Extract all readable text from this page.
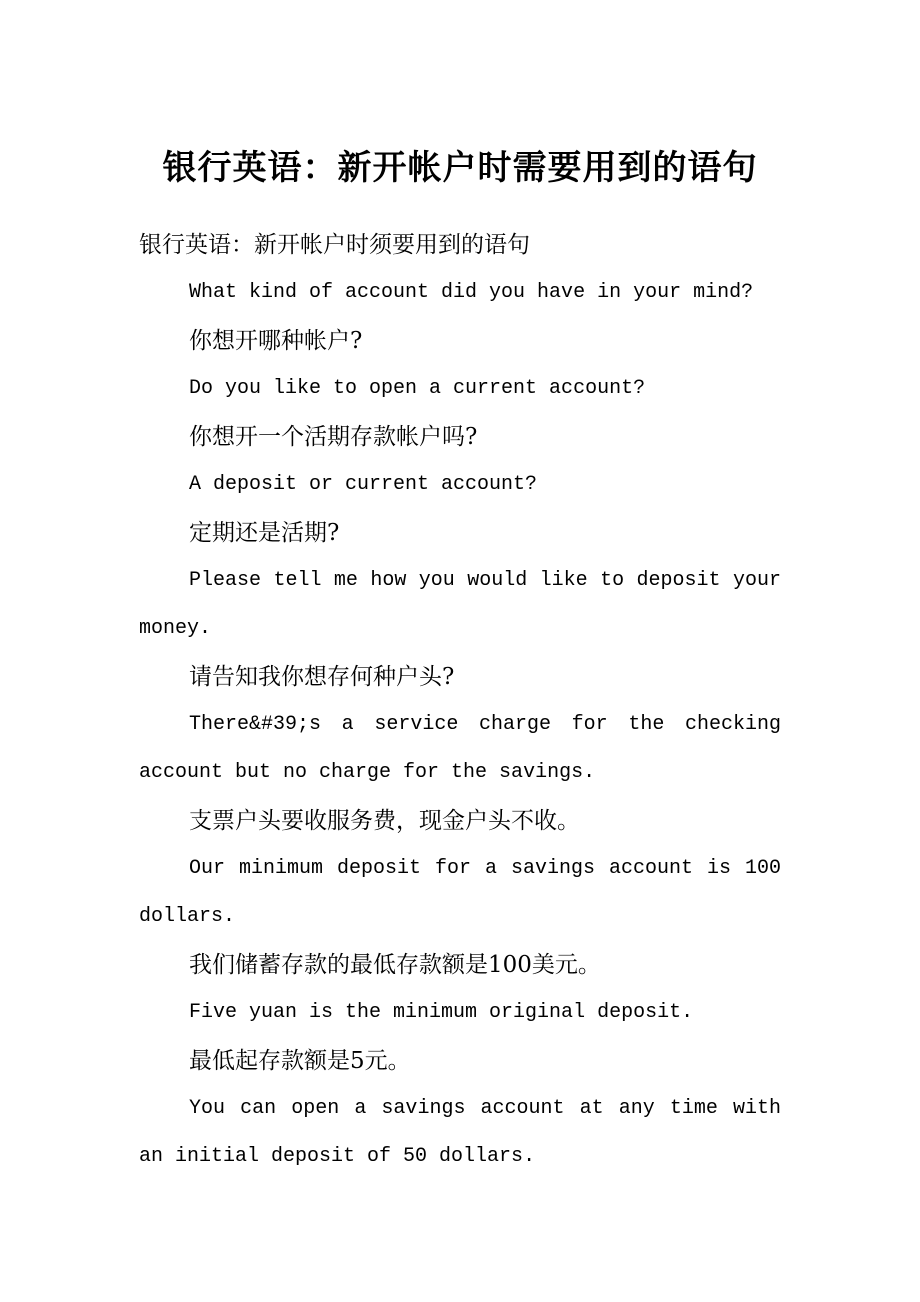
银行英语：新开帐户时需要用到的语句

银行英语：新开帐户时须要用到的语句

What kind of account did you have in your mind?

你想开哪种帐户?

Do you like to open a current account?

你想开一个活期存款帐户吗?

A deposit or current account?

定期还是活期?

Please tell me how you would like to deposit your money.

请告知我你想存何种户头?

There&#39;s a service charge for the checking account but no charge for the savings.

支票户头要收服务费，现金户头不收。

Our minimum deposit for a savings account is 100 dollars.

我们储蓄存款的最低存款额是100美元。

Five yuan is the minimum original deposit.

最低起存款额是5元。

You can open a savings account at any time with an initial deposit of 50 dollars.
